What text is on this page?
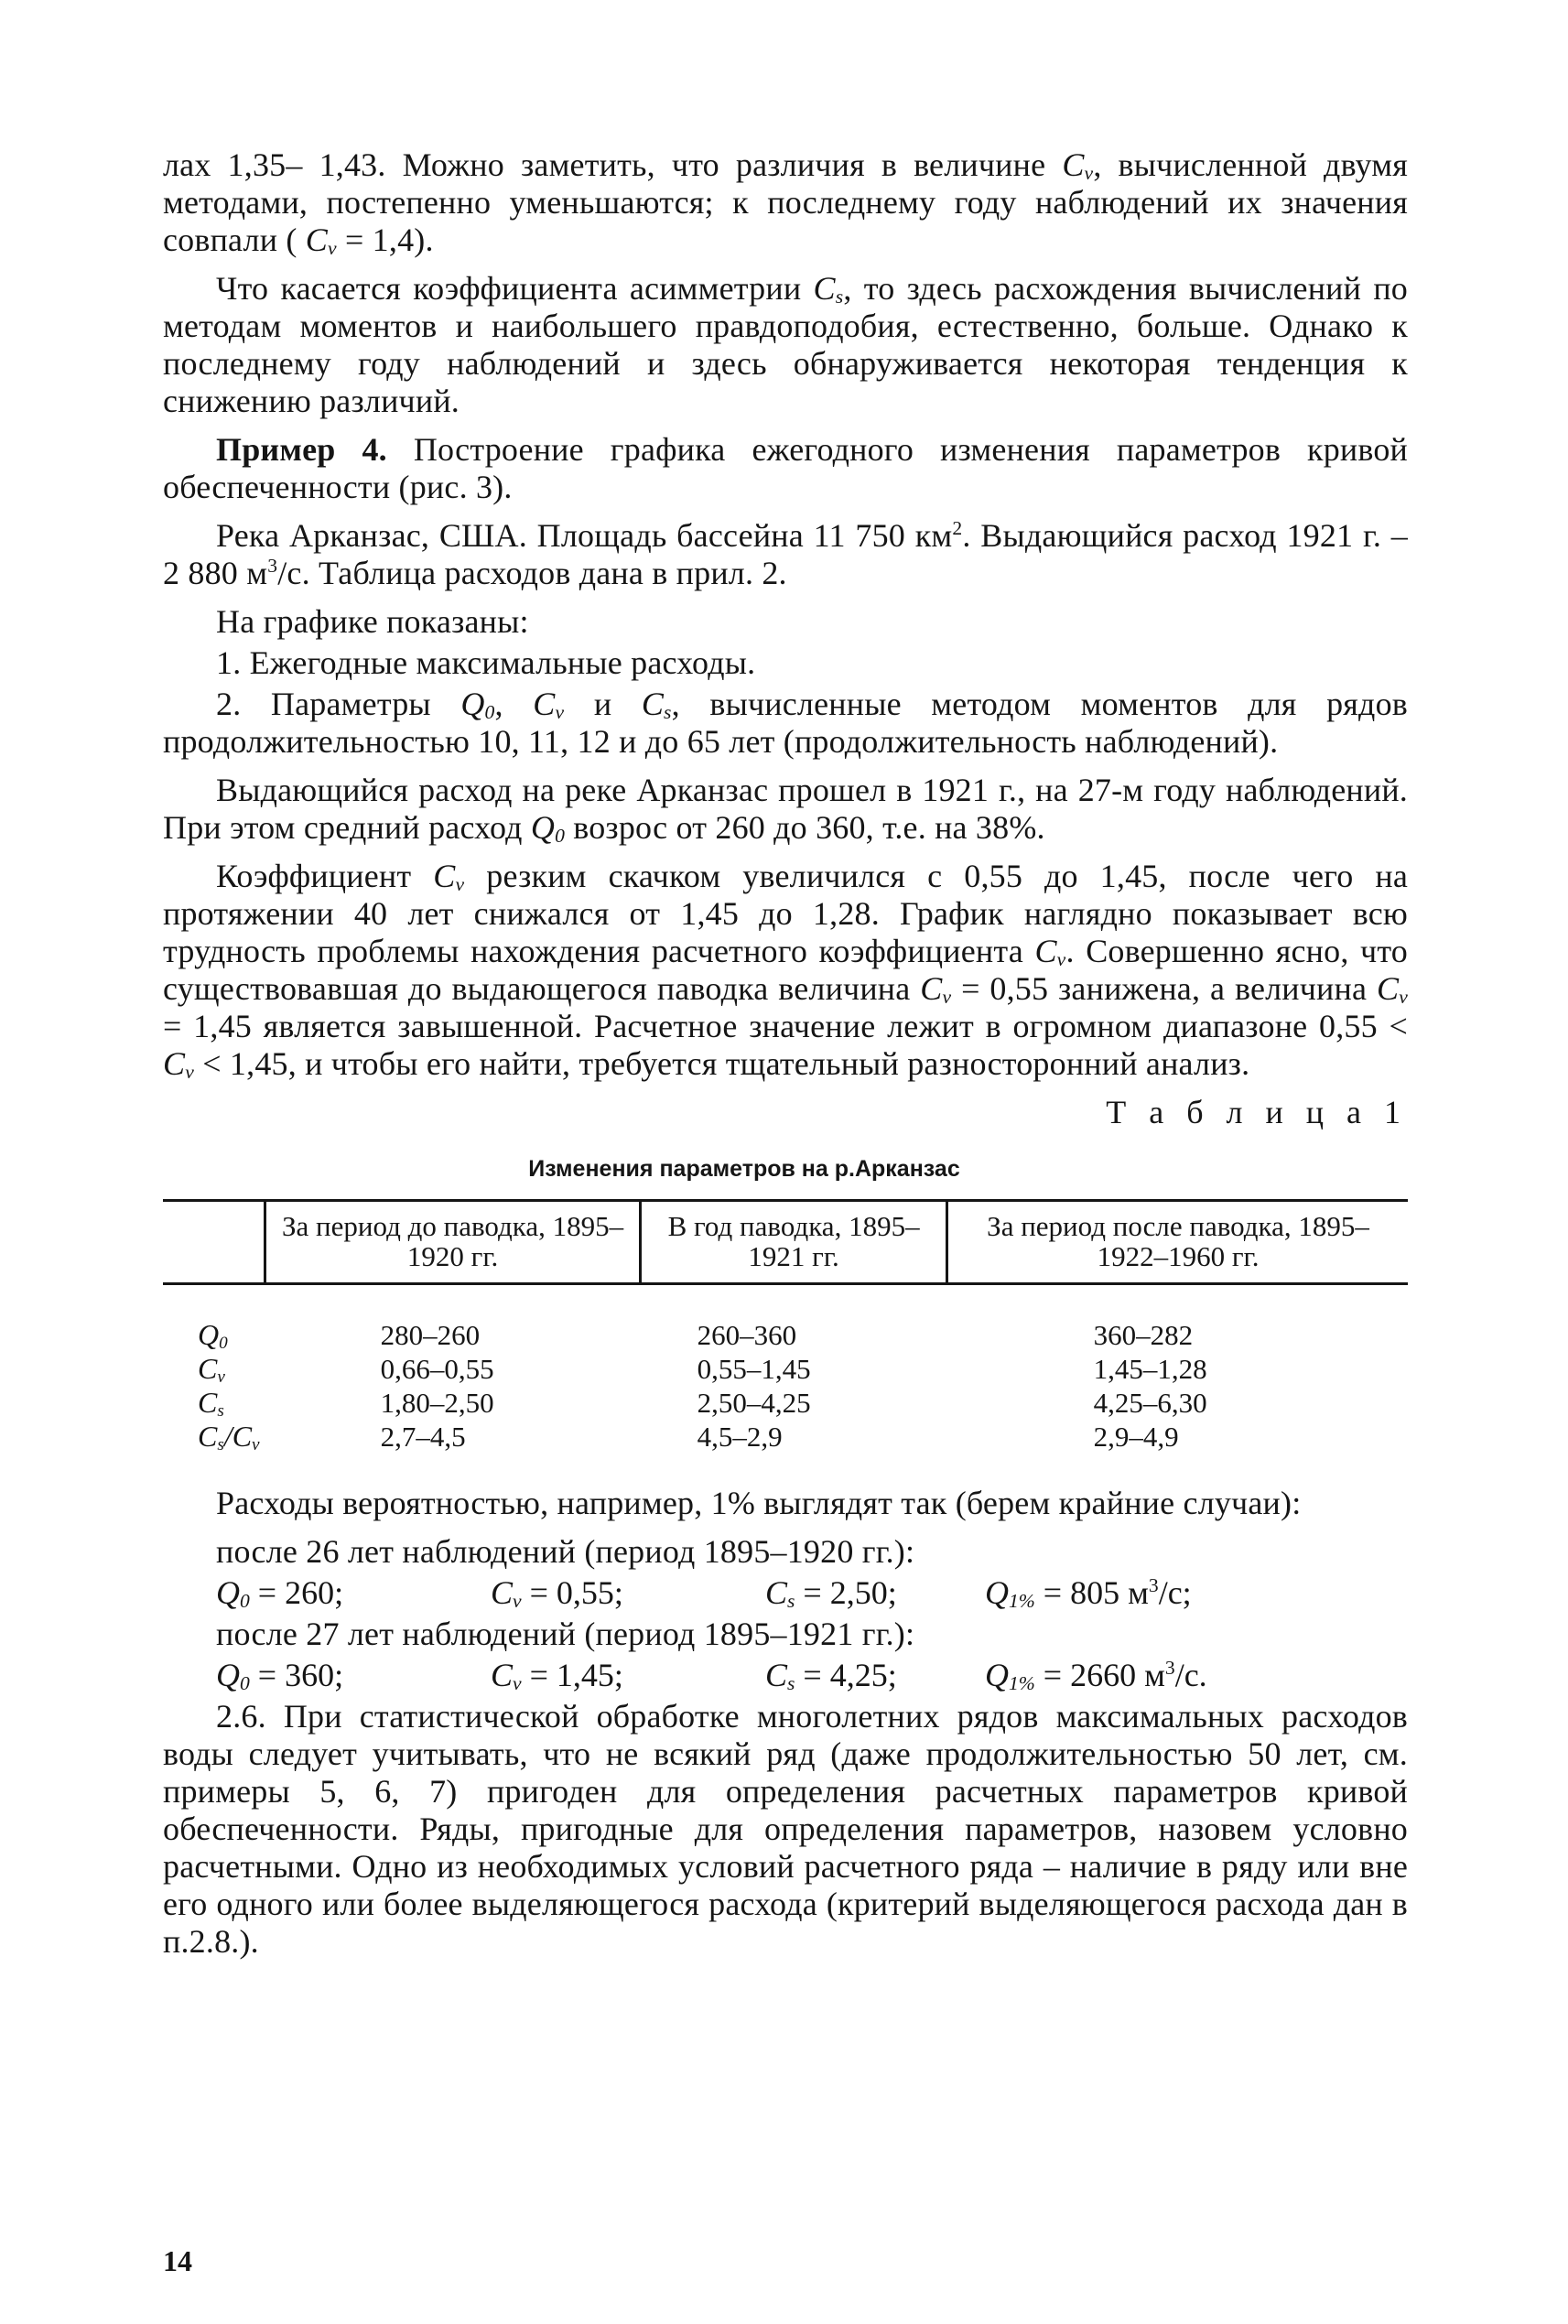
лах 1,35– 1,43. Можно заметить, что различия в величине $C_v$, вычисленной двумя методами, постепенно уменьшаются; к последнему году наблюдений их значения совпали ( $C_v = 1,4$).

Что касается коэффициента асимметрии $C_s$, то здесь расхождения вычислений по методам моментов и наибольшего правдоподобия, естественно, больше. Однако к последнему году наблюдений и здесь обнаруживается некоторая тенденция к снижению различий.

Пример 4. Построение графика ежегодного изменения параметров кривой обеспеченности (рис. 3).

Река Арканзас, США. Площадь бассейна 11 750 $км^2$. Выдающийся расход 1921 г. – 2 880 $м^3/с$. Таблица расходов дана в прил. 2.

На графике показаны:

1. Ежегодные максимальные расходы.

2. Параметры $Q_0$, $C_v$ и $C_s$, вычисленные методом моментов для рядов продолжительностью 10, 11, 12 и до 65 лет (продолжительность наблюдений).

Выдающийся расход на реке Арканзас прошел в 1921 г., на 27-м году наблюдений. При этом средний расход $Q_0$ возрос от 260 до 360, т.е. на 38%.

Коэффициент $C_v$ резким скачком увеличился с 0,55 до 1,45, после чего на протяжении 40 лет снижался от 1,45 до 1,28. График наглядно показывает всю трудность проблемы нахождения расчетного коэффициента $C_v$. Совершенно ясно, что существовавшая до выдающегося паводка величина $C_v = 0,55$ занижена, а величина $C_v = 1,45$ является завышенной. Расчетное значение лежит в огромном диапазоне $0,55 < C_v < 1,45$, и чтобы его найти, требуется тщательный разносторонний анализ.

Т а б л и ц а 1
Изменения параметров на р.Арканзас
	За период до паводка, 1895–1920 гг.	В год паводка, 1895–1921 гг.	За период после паводка, 1895–1922–1960 гг.
$Q_0$	280–260	260–360	360–282
$C_v$	0,66–0,55	0,55–1,45	1,45–1,28
$C_s$	1,80–2,50	2,50–4,25	4,25–6,30
$C_s/C_v$	2,7–4,5	4,5–2,9	2,9–4,9

Расходы вероятностью, например, 1% выглядят так (берем крайние случаи):

после 26 лет наблюдений (период 1895–1920 гг.):

$Q_0 = 260$;	$C_v = 0,55$;	$C_s = 2,50$;	$Q_{1\%} = 805$ $м^3/с$;

после 27 лет наблюдений (период 1895–1921 гг.):

$Q_0 = 360$;	$C_v = 1,45$;	$C_s = 4,25$;	$Q_{1\%} = 2660$ $м^3/с$.

2.6. При статистической обработке многолетних рядов максимальных расходов воды следует учитывать, что не всякий ряд (даже продолжительностью 50 лет, см. примеры 5, 6, 7) пригоден для определения расчетных параметров кривой обеспеченности. Ряды, пригодные для определения параметров, назовем условно расчетными. Одно из необходимых условий расчетного ряда – наличие в ряду или вне его одного или более выделяющегося расхода (критерий выделяющегося расхода дан в п.2.8.).

14
